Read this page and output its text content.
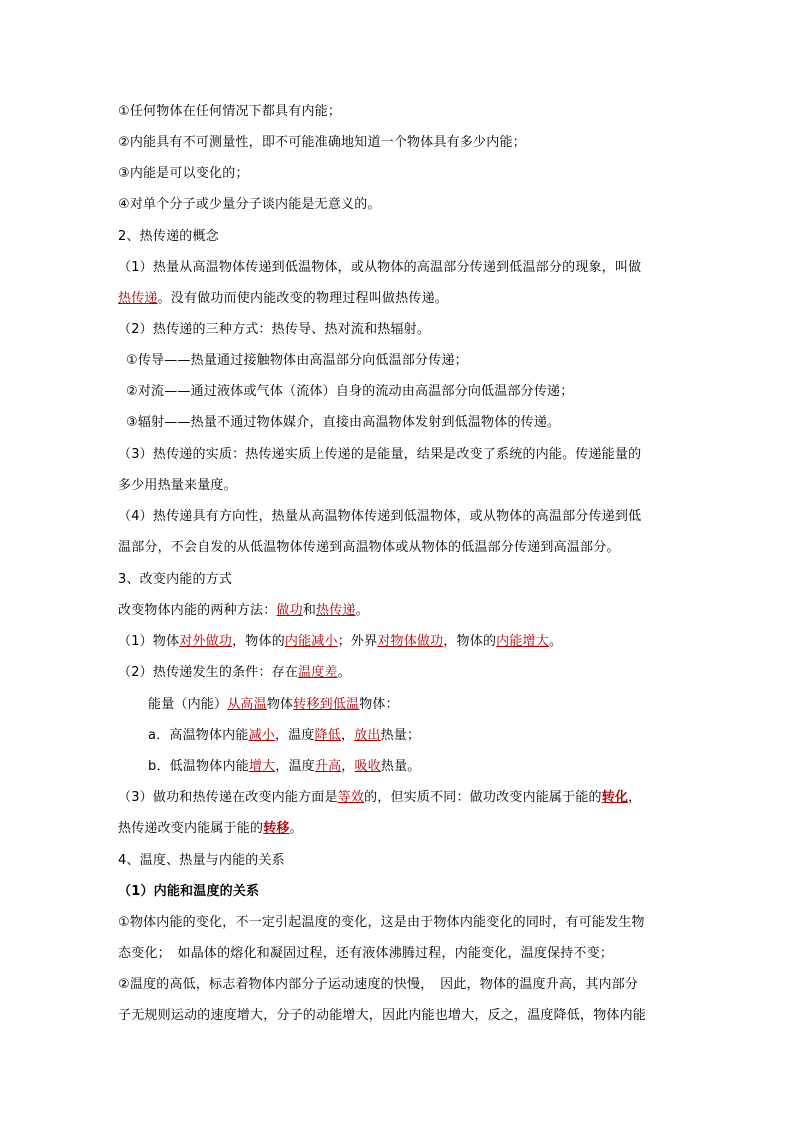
①任何物体在任何情况下都具有内能；
②内能具有不可测量性，即不可能准确地知道一个物体具有多少内能；
③内能是可以变化的；
④对单个分子或少量分子谈内能是无意义的。
2、热传递的概念
（1）热量从高温物体传递到低温物体，或从物体的高温部分传递到低温部分的现象，叫做
热传递。没有做功而使内能改变的物理过程叫做热传递。
（2）热传递的三种方式：热传导、热对流和热辐射。
①传导——热量通过接触物体由高温部分向低温部分传递；
②对流——通过液体或气体（流体）自身的流动由高温部分向低温部分传递；
③辐射——热量不通过物体媒介，直接由高温物体发射到低温物体的传递。
（3）热传递的实质：热传递实质上传递的是能量，结果是改变了系统的内能。传递能量的
多少用热量来量度。
（4）热传递具有方向性，热量从高温物体传递到低温物体，或从物体的高温部分传递到低
温部分，不会自发的从低温物体传递到高温物体或从物体的低温部分传递到高温部分。
3、改变内能的方式
改变物体内能的两种方法：做功和热传递。
（1）物体对外做功，物体的内能减小；外界对物体做功，物体的内能增大。
（2）热传递发生的条件：存在温度差。
能量（内能）从高温物体转移到低温物体：
a．高温物体内能减小，温度降低，放出热量；
b．低温物体内能增大，温度升高，吸收热量。
（3）做功和热传递在改变内能方面是等效的，但实质不同：做功改变内能属于能的转化，
热传递改变内能属于能的转移。
4、温度、热量与内能的关系
（1）内能和温度的关系
①物体内能的变化，不一定引起温度的变化，这是由于物体内能变化的同时，有可能发生物
态变化；　如晶体的熔化和凝固过程，还有液体沸腾过程，内能变化，温度保持不变；
②温度的高低，标志着物体内部分子运动速度的快慢，　因此，物体的温度升高，其内部分
子无规则运动的速度增大，分子的动能增大，因此内能也增大，反之，温度降低，物体内能
